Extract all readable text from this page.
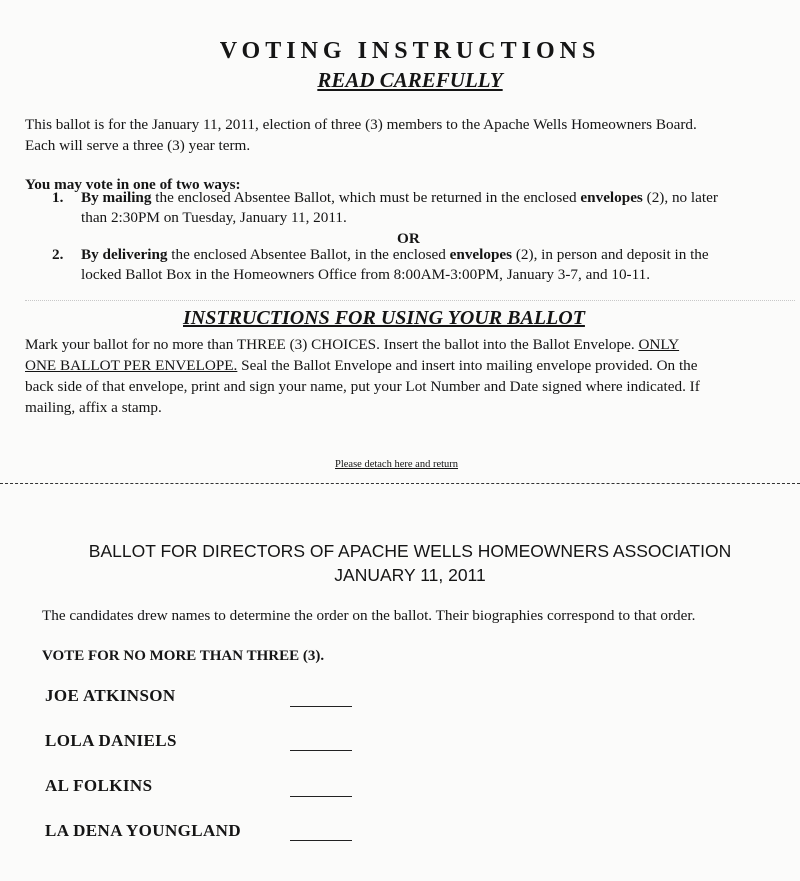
VOTING INSTRUCTIONS
READ CAREFULLY
This ballot is for the January 11, 2011, election of three (3) members to the Apache Wells Homeowners Board.
Each will serve a three (3) year term.
You may vote in one of two ways:
1. By mailing the enclosed Absentee Ballot, which must be returned in the enclosed envelopes (2), no later
than 2:30PM on Tuesday, January 11, 2011.
OR
2. By delivering the enclosed Absentee Ballot, in the enclosed envelopes (2), in person and deposit in the
locked Ballot Box in the Homeowners Office from 8:00AM-3:00PM, January 3-7, and 10-11.
INSTRUCTIONS FOR USING YOUR BALLOT
Mark your ballot for no more than THREE (3) CHOICES. Insert the ballot into the Ballot Envelope. ONLY
ONE BALLOT PER ENVELOPE. Seal the Ballot Envelope and insert into mailing envelope provided. On the
back side of that envelope, print and sign your name, put your Lot Number and Date signed where indicated. If
mailing, affix a stamp.
Please detach here and return
BALLOT FOR DIRECTORS OF APACHE WELLS HOMEOWNERS ASSOCIATION
JANUARY 11, 2011
The candidates drew names to determine the order on the ballot. Their biographies correspond to that order.
VOTE FOR NO MORE THAN THREE (3).
JOE ATKINSON
LOLA DANIELS
AL FOLKINS
LA DENA YOUNGLAND
